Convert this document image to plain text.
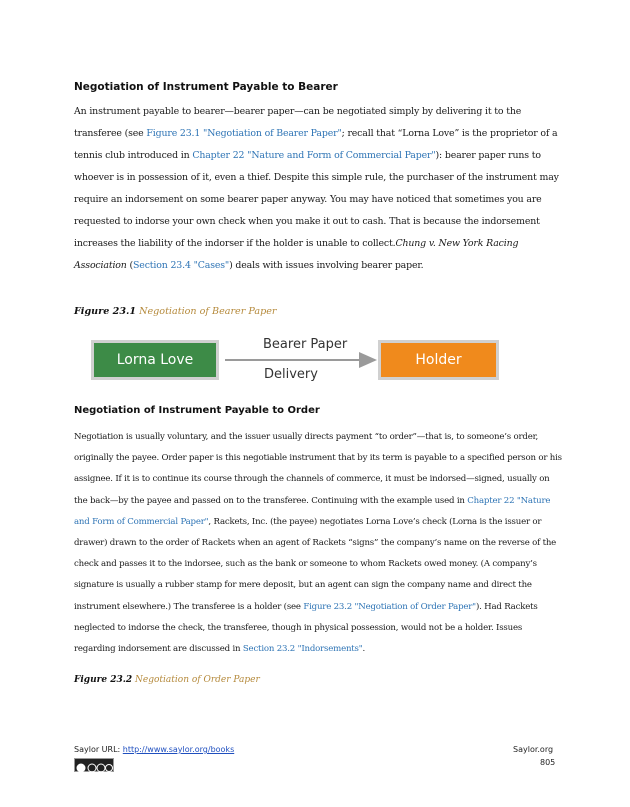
Negotiation of Instrument Payable to Bearer

An instrument payable to bearer—bearer paper—can be negotiated simply by delivering it to the transferee (see Figure 23.1 "Negotiation of Bearer Paper"; recall that “Lorna Love” is the proprietor of a tennis club introduced in Chapter 22 "Nature and Form of Commercial Paper"): bearer paper runs to whoever is in possession of it, even a thief. Despite this simple rule, the purchaser of the instrument may require an indorsement on some bearer paper anyway. You may have noticed that sometimes you are requested to indorse your own check when you make it out to cash. That is because the indorsement increases the liability of the indorser if the holder is unable to collect.Chung v. New York Racing Association (Section 23.4 "Cases") deals with issues involving bearer paper.

Figure 23.1 Negotiation of Bearer Paper

Lorna Love
Bearer Paper
Delivery
Holder
Negotiation of Instrument Payable to Order

Negotiation is usually voluntary, and the issuer usually directs payment “to order”—that is, to someone’s order, originally the payee. Order paper is this negotiable instrument that by its term is payable to a specified person or his assignee. If it is to continue its course through the channels of commerce, it must be indorsed—signed, usually on the back—by the payee and passed on to the transferee. Continuing with the example used in Chapter 22 "Nature and Form of Commercial Paper", Rackets, Inc. (the payee) negotiates Lorna Love’s check (Lorna is the issuer or drawer) drawn to the order of Rackets when an agent of Rackets “signs” the company’s name on the reverse of the check and passes it to the indorsee, such as the bank or someone to whom Rackets owed money. (A company’s signature is usually a rubber stamp for mere deposit, but an agent can sign the company name and direct the instrument elsewhere.) The transferee is a holder (see Figure 23.2 "Negotiation of Order Paper"). Had Rackets neglected to indorse the check, the transferee, though in physical possession, would not be a holder. Issues regarding indorsement are discussed in Section 23.2 "Indorsements".

Figure 23.2 Negotiation of Order Paper

Saylor URL: http://www.saylor.org/books	Saylor.org
805
